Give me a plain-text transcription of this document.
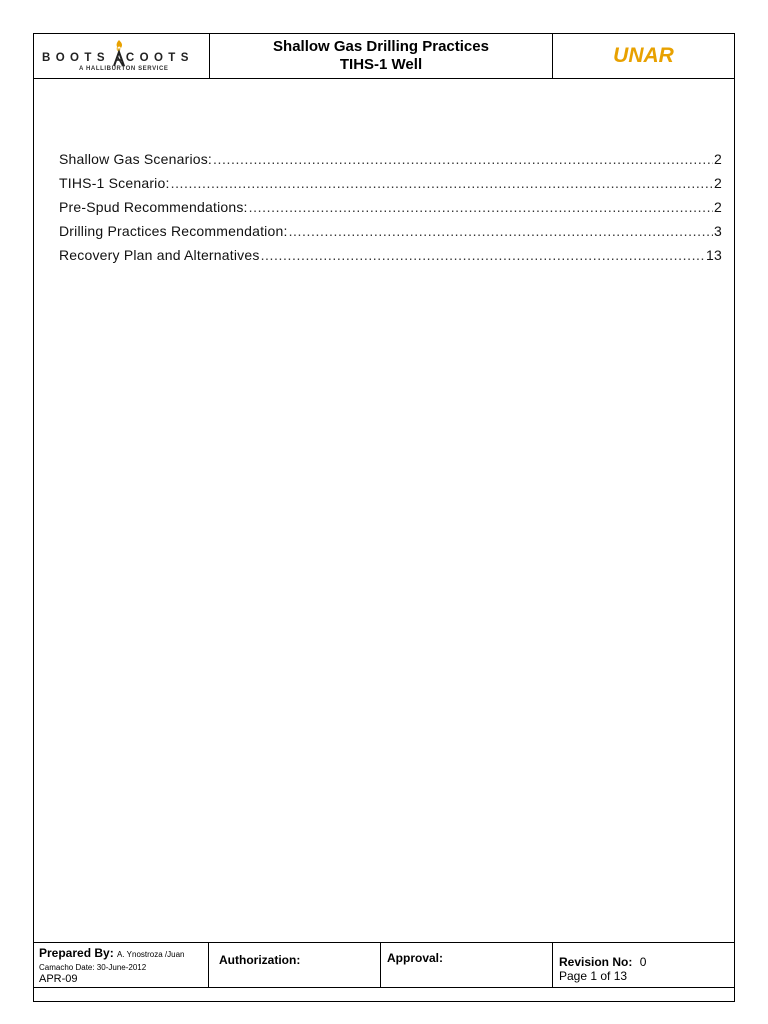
BOOTS COOTS
A HALLIBURTON SERVICE
Shallow Gas Drilling Practices
TIHS-1 Well	UNAR
Shallow Gas Scenarios: .....	2
TIHS-1 Scenario: .....	2
Pre-Spud Recommendations: .....	2
Drilling Practices Recommendation: .....	3
Recovery Plan and Alternatives .....	13
Prepared By: A. Ynostroza /Juan
Camacho Date: 30-June-2012
APR-09
Authorization:	Approval:	Revision No: 0
Page 1 of 13
